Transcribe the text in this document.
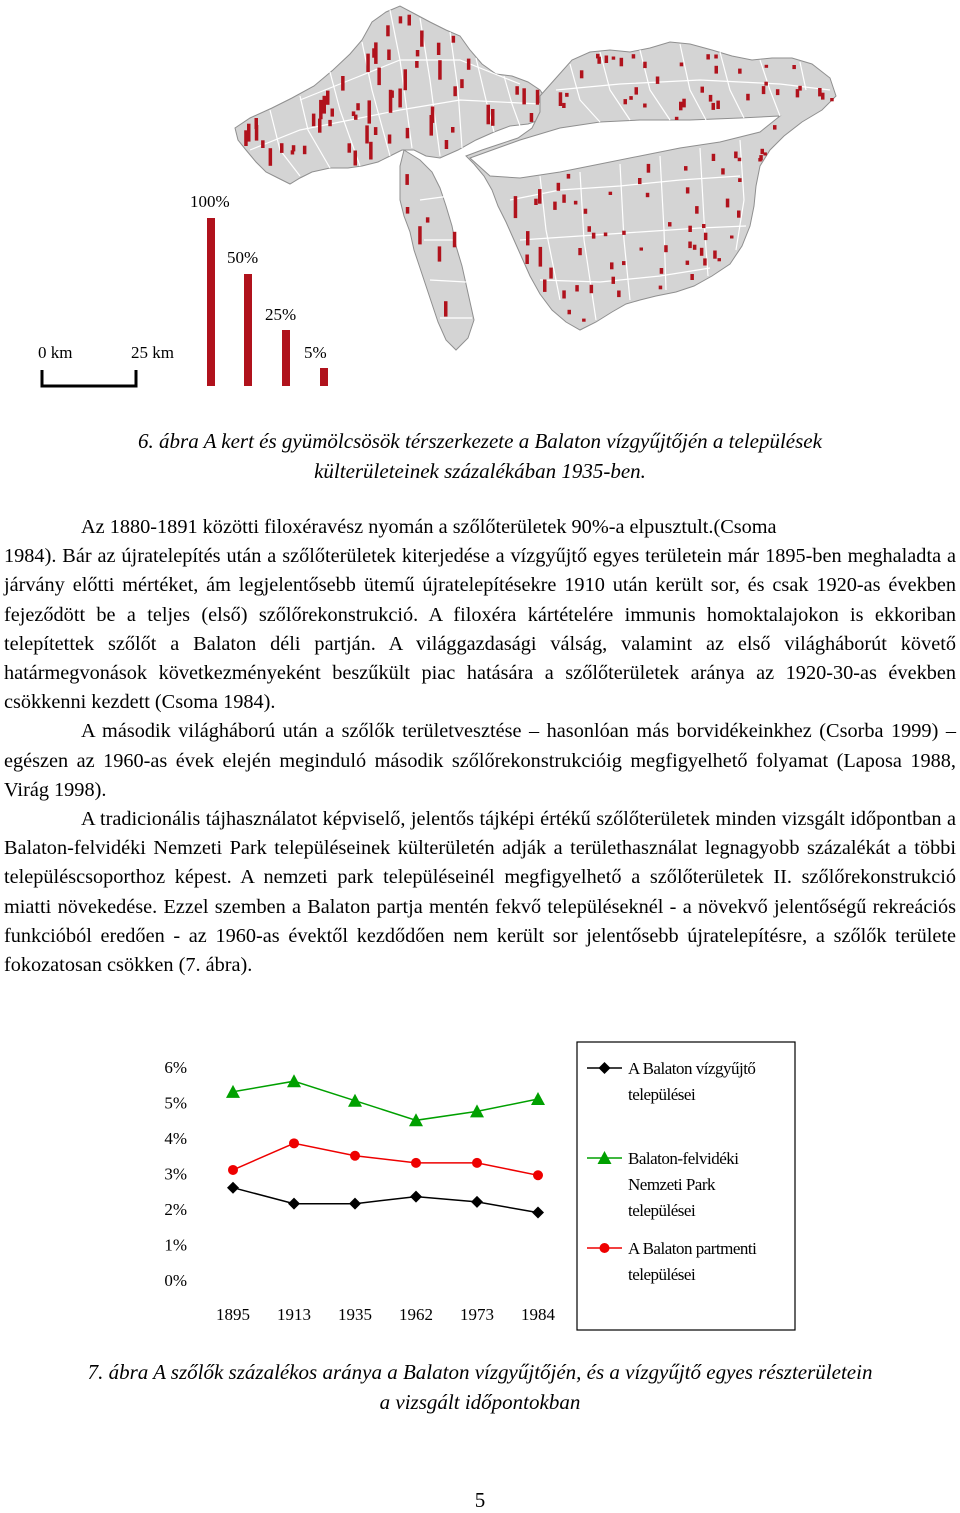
100%
50%
25%
5%
0 km	25 km
6. ábra A kert és gyümölcsösök térszerkezete a Balaton vízgyűjtőjén a települések
külterületeinek százalékában 1935-ben.

Az 1880-1891 közötti filoxéravész nyomán a szőlőterületek 90%-a elpusztult.(Csoma
1984). Bár az újratelepítés után a szőlőterületek kiterjedése a vízgyűjtő egyes területein már 1895-ben meghaladta a járvány előtti mértéket, ám legjelentősebb ütemű újratelepítésekre 1910 után került sor, és csak 1920-as években fejeződött be a teljes (első) szőlőrekonstrukció. A filoxéra kártételére immunis homoktalajokon is ekkoriban telepítettek szőlőt a Balaton déli partján. A világgazdasági válság, valamint az első világháborút követő határmegvonások következményeként beszűkült piac hatására a szőlőterületek aránya az 1920-30-as években csökkenni kezdett (Csoma 1984).

A második világháború után a szőlők területvesztése – hasonlóan más borvidékeinkhez (Csorba 1999) – egészen az 1960-as évek elején meginduló második szőlőrekonstrukcióig megfigyelhető folyamat (Laposa 1988, Virág 1998).

A tradicionális tájhasználatot képviselő, jelentős tájképi értékű szőlőterületek minden vizsgált időpontban a Balaton-felvidéki Nemzeti Park településeinek külterületén adják a területhasználat legnagyobb százalékát a többi településcsoporthoz képest. A nemzeti park településeinél megfigyelhető a szőlőterületek II. szőlőrekonstrukció miatti növekedése. Ezzel szemben a Balaton partja mentén fekvő településeknél - a növekvő jelentőségű rekreációs funkcióból eredően - az 1960-as évektől kezdődően nem került sor jelentősebb újratelepítésre, a szőlők területe fokozatosan csökken (7. ábra).

6%
5%
4%
3%
2%
1%
0%
1895 1913 1935 1962 1973 1984
A Balaton vízgyűjtő
települései
Balaton-felvidéki
Nemzeti Park
települései
A Balaton partmenti
települései
7. ábra A szőlők százalékos aránya a Balaton vízgyűjtőjén, és a vízgyűjtő egyes részterületein
a vizsgált időpontokban
5
